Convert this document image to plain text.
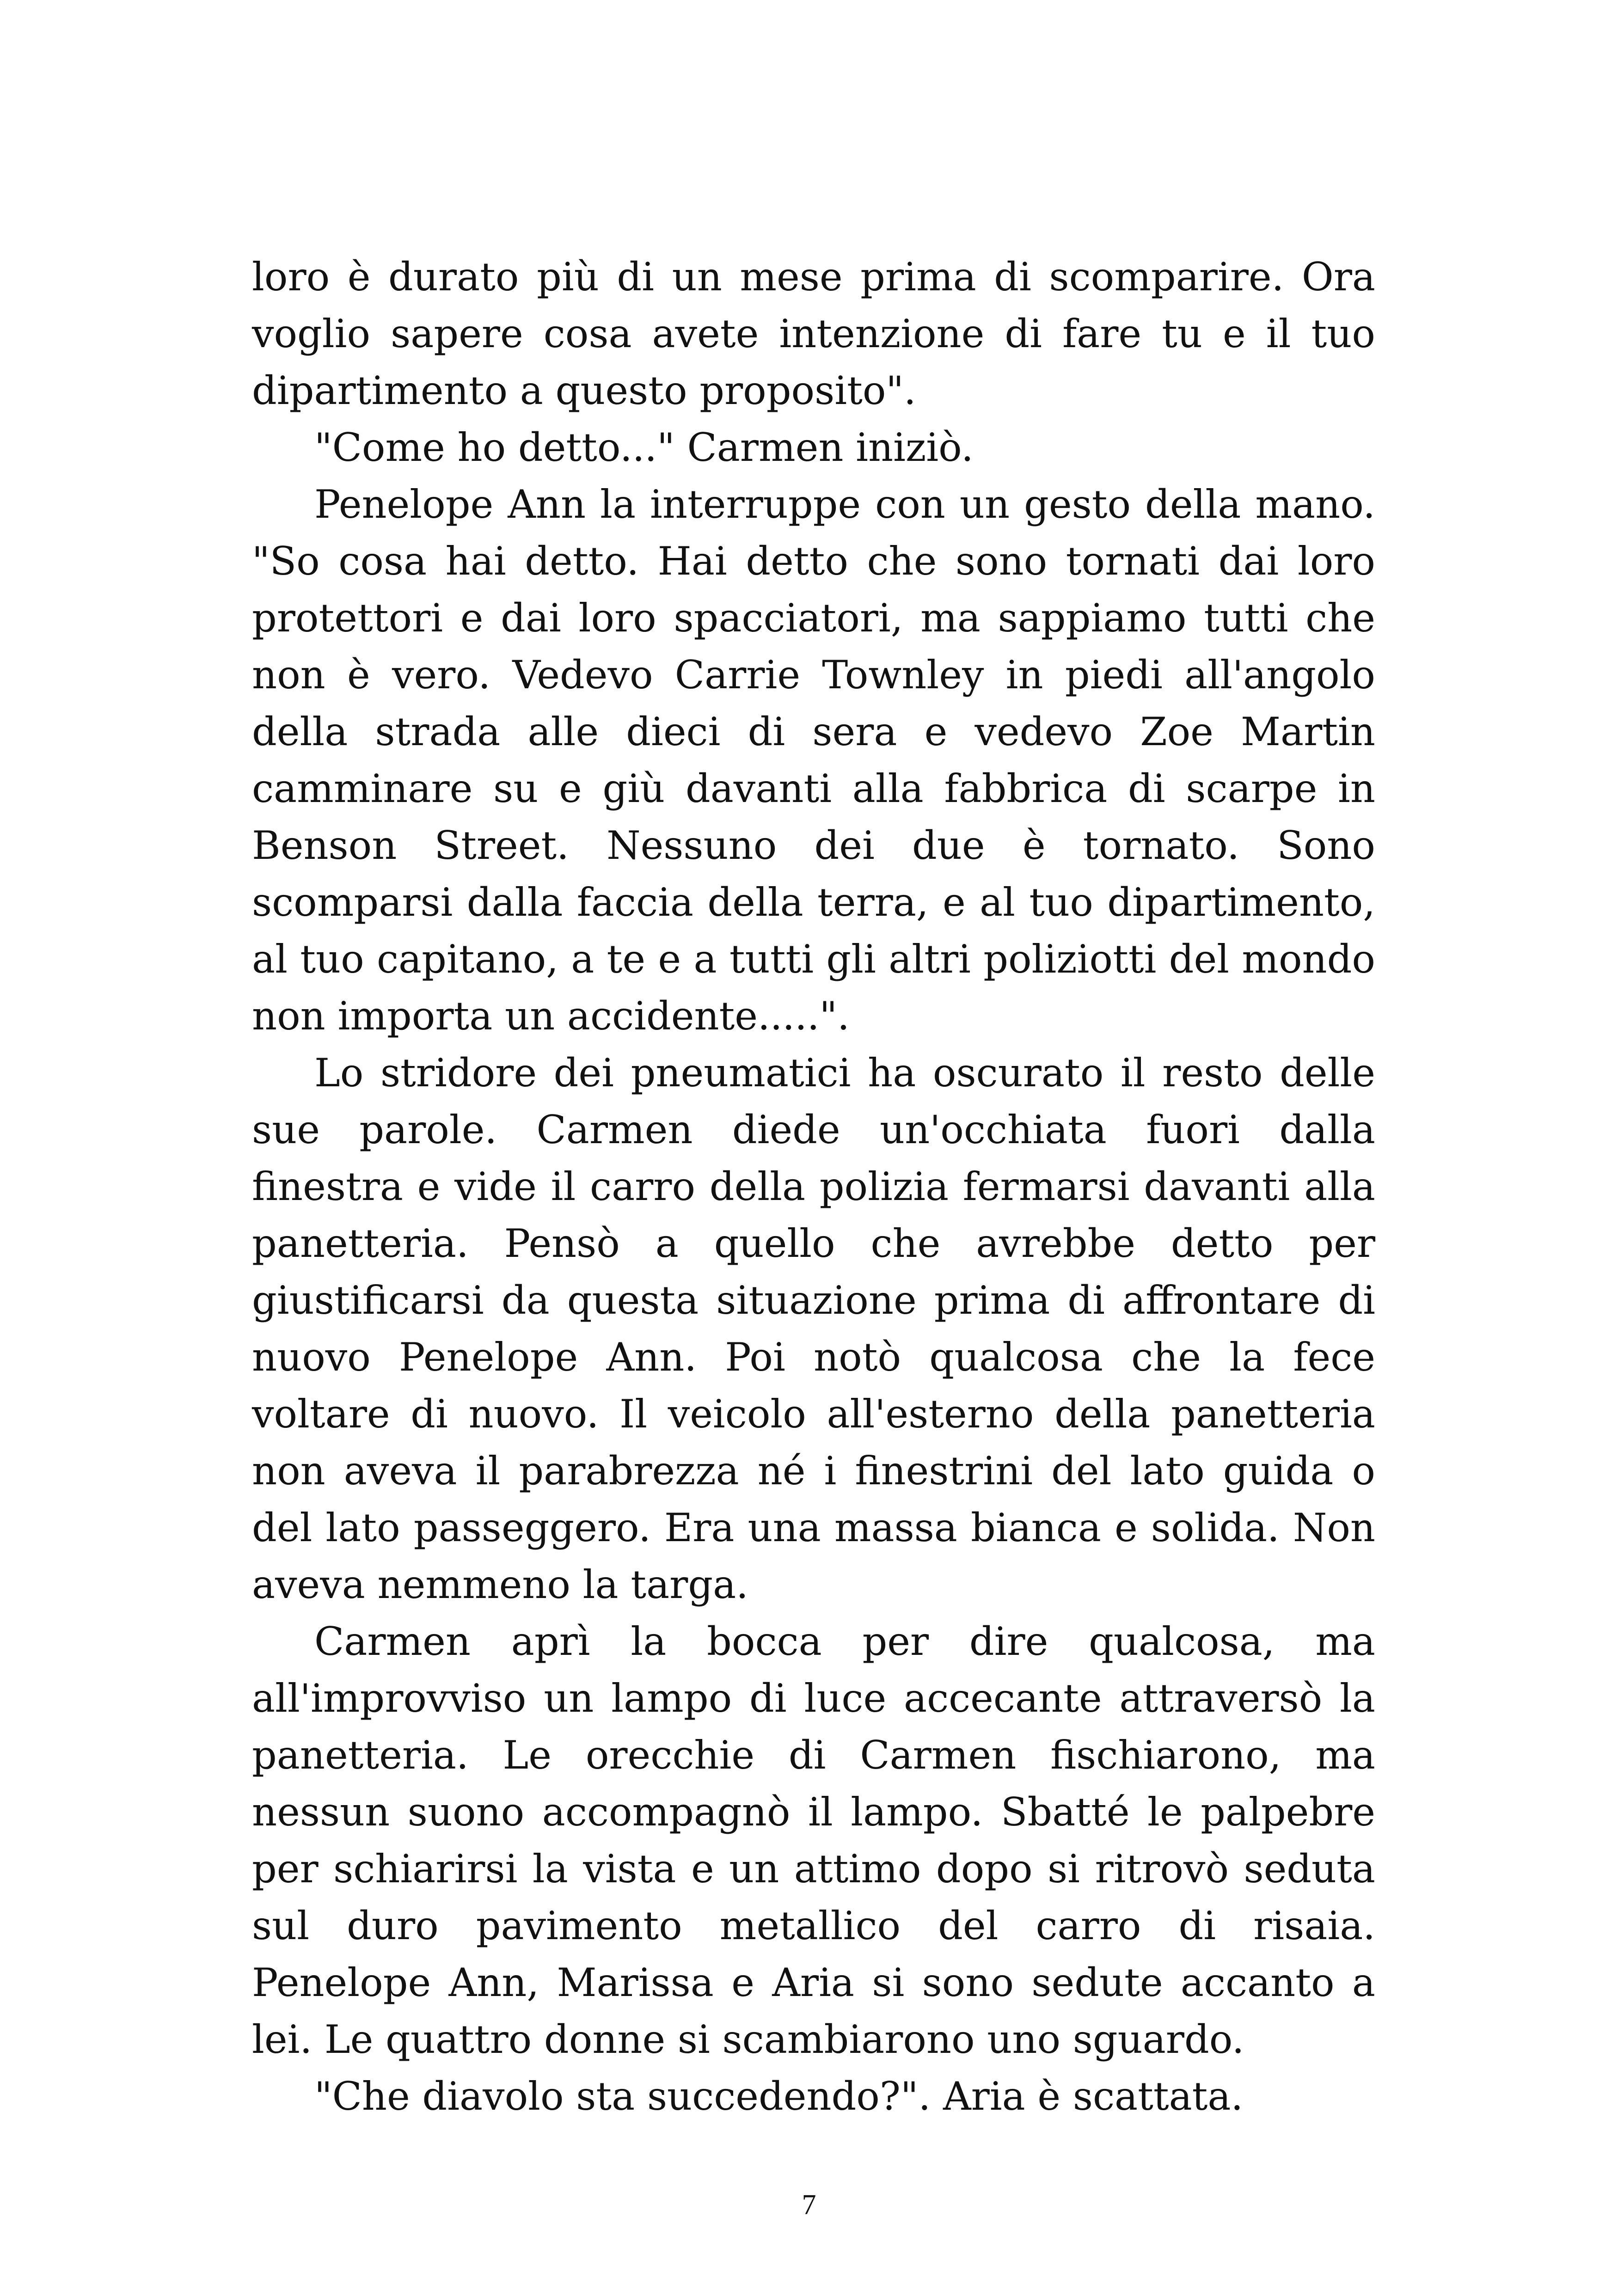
loro è durato più di un mese prima di scomparire. Ora voglio sapere cosa avete intenzione di fare tu e il tuo dipartimento a questo proposito".

"Come ho detto..." Carmen iniziò.

Penelope Ann la interruppe con un gesto della mano. "So cosa hai detto. Hai detto che sono tornati dai loro protettori e dai loro spacciatori, ma sappiamo tutti che non è vero. Vedevo Carrie Townley in piedi all'angolo della strada alle dieci di sera e vedevo Zoe Martin camminare su e giù davanti alla fabbrica di scarpe in Benson Street. Nessuno dei due è tornato. Sono scomparsi dalla faccia della terra, e al tuo dipartimento, al tuo capitano, a te e a tutti gli altri poliziotti del mondo non importa un accidente.....".

Lo stridore dei pneumatici ha oscurato il resto delle sue parole. Carmen diede un'occhiata fuori dalla finestra e vide il carro della polizia fermarsi davanti alla panetteria. Pensò a quello che avrebbe detto per giustificarsi da questa situazione prima di affrontare di nuovo Penelope Ann. Poi notò qualcosa che la fece voltare di nuovo. Il veicolo all'esterno della panetteria non aveva il parabrezza né i finestrini del lato guida o del lato passeggero. Era una massa bianca e solida. Non aveva nemmeno la targa.

Carmen aprì la bocca per dire qualcosa, ma all'improvviso un lampo di luce accecante attraversò la panetteria. Le orecchie di Carmen fischiarono, ma nessun suono accompagnò il lampo. Sbatté le palpebre per schiarirsi la vista e un attimo dopo si ritrovò seduta sul duro pavimento metallico del carro di risaia. Penelope Ann, Marissa e Aria si sono sedute accanto a lei. Le quattro donne si scambiarono uno sguardo.

"Che diavolo sta succedendo?". Aria è scattata.

7
